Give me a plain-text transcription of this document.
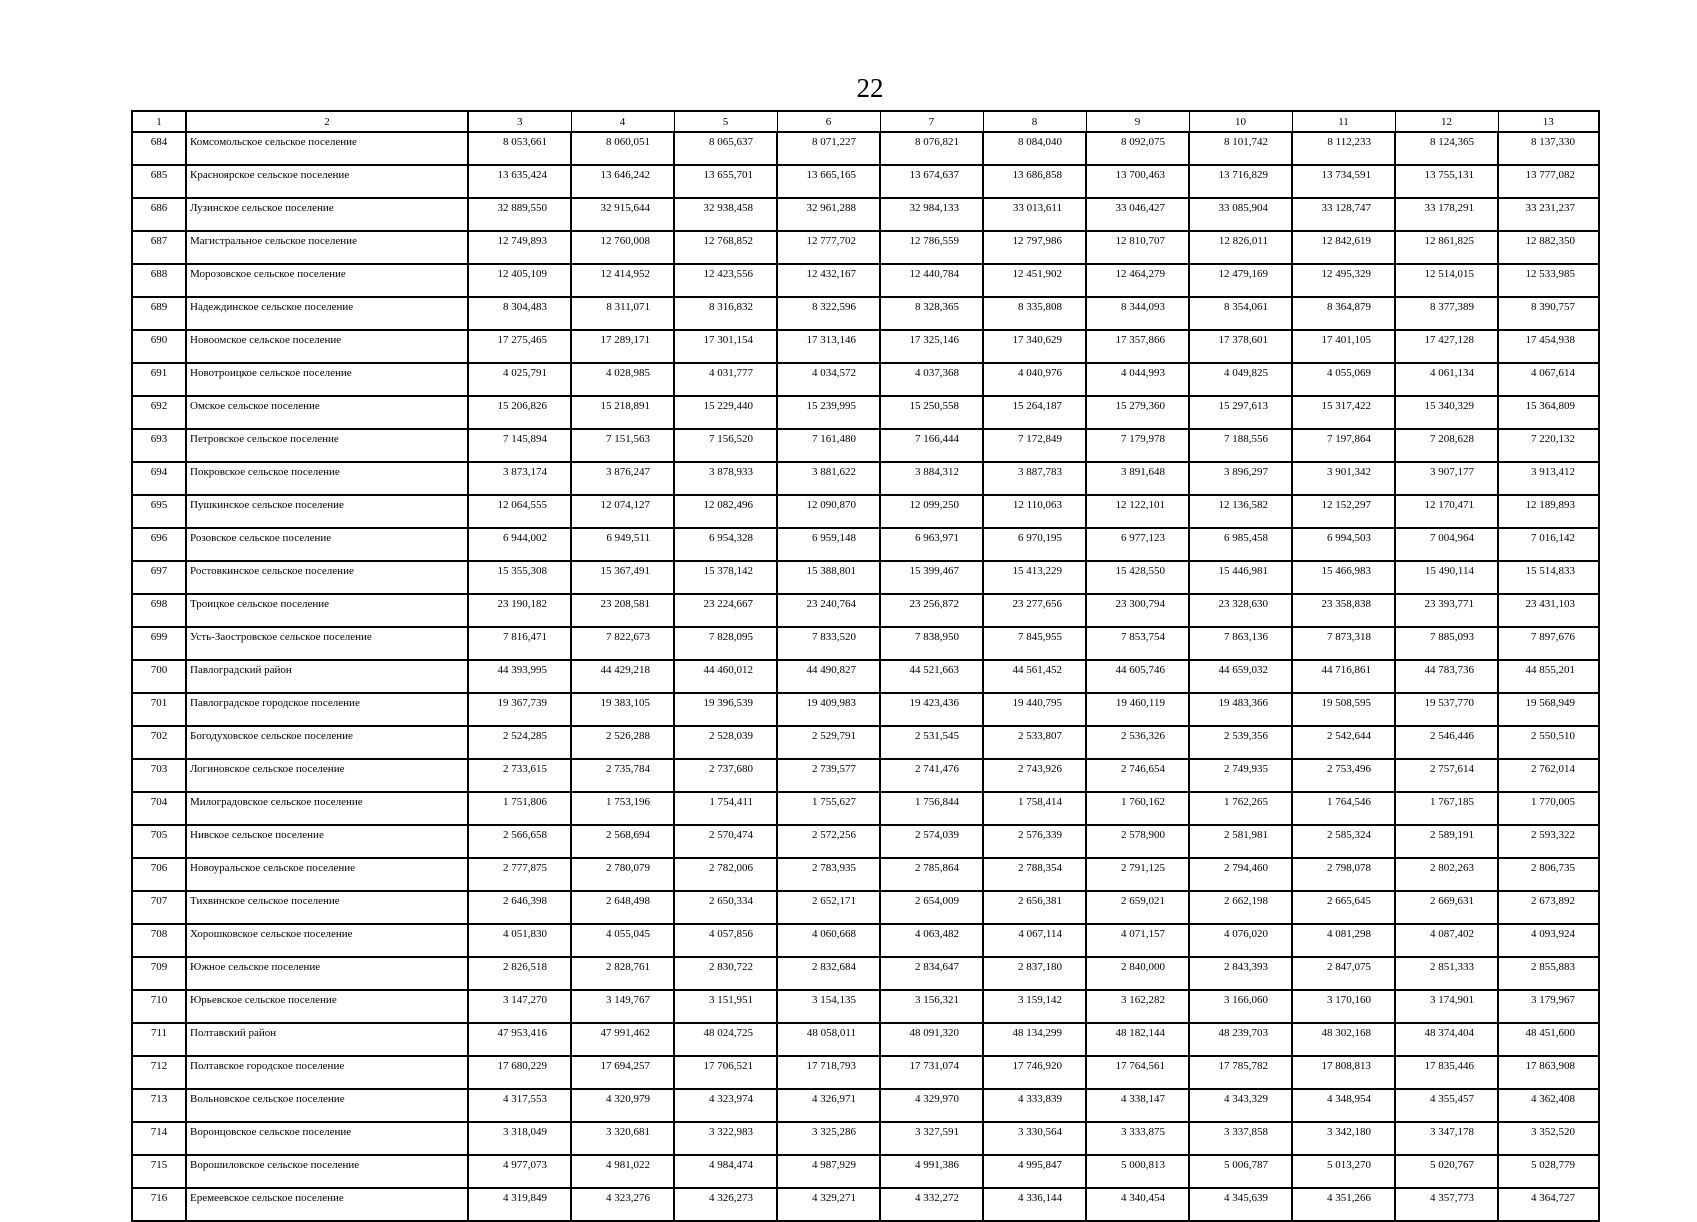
22
1	2	3	4	5	6	7	8	9	10	11	12	13
684	Комсомольское сельское поселение	8 053,661	8 060,051	8 065,637	8 071,227	8 076,821	8 084,040	8 092,075	8 101,742	8 112,233	8 124,365	8 137,330
685	Красноярское сельское поселение	13 635,424	13 646,242	13 655,701	13 665,165	13 674,637	13 686,858	13 700,463	13 716,829	13 734,591	13 755,131	13 777,082
686	Лузинское сельское поселение	32 889,550	32 915,644	32 938,458	32 961,288	32 984,133	33 013,611	33 046,427	33 085,904	33 128,747	33 178,291	33 231,237
687	Магистральное сельское поселение	12 749,893	12 760,008	12 768,852	12 777,702	12 786,559	12 797,986	12 810,707	12 826,011	12 842,619	12 861,825	12 882,350
688	Морозовское сельское поселение	12 405,109	12 414,952	12 423,556	12 432,167	12 440,784	12 451,902	12 464,279	12 479,169	12 495,329	12 514,015	12 533,985
689	Надеждинское сельское поселение	8 304,483	8 311,071	8 316,832	8 322,596	8 328,365	8 335,808	8 344,093	8 354,061	8 364,879	8 377,389	8 390,757
690	Новоомское сельское поселение	17 275,465	17 289,171	17 301,154	17 313,146	17 325,146	17 340,629	17 357,866	17 378,601	17 401,105	17 427,128	17 454,938
691	Новотроицкое сельское поселение	4 025,791	4 028,985	4 031,777	4 034,572	4 037,368	4 040,976	4 044,993	4 049,825	4 055,069	4 061,134	4 067,614
692	Омское сельское поселение	15 206,826	15 218,891	15 229,440	15 239,995	15 250,558	15 264,187	15 279,360	15 297,613	15 317,422	15 340,329	15 364,809
693	Петровское сельское поселение	7 145,894	7 151,563	7 156,520	7 161,480	7 166,444	7 172,849	7 179,978	7 188,556	7 197,864	7 208,628	7 220,132
694	Покровское сельское поселение	3 873,174	3 876,247	3 878,933	3 881,622	3 884,312	3 887,783	3 891,648	3 896,297	3 901,342	3 907,177	3 913,412
695	Пушкинское сельское поселение	12 064,555	12 074,127	12 082,496	12 090,870	12 099,250	12 110,063	12 122,101	12 136,582	12 152,297	12 170,471	12 189,893
696	Розовское сельское поселение	6 944,002	6 949,511	6 954,328	6 959,148	6 963,971	6 970,195	6 977,123	6 985,458	6 994,503	7 004,964	7 016,142
697	Ростовкинское сельское поселение	15 355,308	15 367,491	15 378,142	15 388,801	15 399,467	15 413,229	15 428,550	15 446,981	15 466,983	15 490,114	15 514,833
698	Троицкое сельское поселение	23 190,182	23 208,581	23 224,667	23 240,764	23 256,872	23 277,656	23 300,794	23 328,630	23 358,838	23 393,771	23 431,103
699	Усть-Заостровское сельское поселение	7 816,471	7 822,673	7 828,095	7 833,520	7 838,950	7 845,955	7 853,754	7 863,136	7 873,318	7 885,093	7 897,676
700	Павлоградский район	44 393,995	44 429,218	44 460,012	44 490,827	44 521,663	44 561,452	44 605,746	44 659,032	44 716,861	44 783,736	44 855,201
701	Павлоградское городское поселение	19 367,739	19 383,105	19 396,539	19 409,983	19 423,436	19 440,795	19 460,119	19 483,366	19 508,595	19 537,770	19 568,949
702	Богодуховское сельское поселение	2 524,285	2 526,288	2 528,039	2 529,791	2 531,545	2 533,807	2 536,326	2 539,356	2 542,644	2 546,446	2 550,510
703	Логиновское сельское поселение	2 733,615	2 735,784	2 737,680	2 739,577	2 741,476	2 743,926	2 746,654	2 749,935	2 753,496	2 757,614	2 762,014
704	Милоградовское сельское поселение	1 751,806	1 753,196	1 754,411	1 755,627	1 756,844	1 758,414	1 760,162	1 762,265	1 764,546	1 767,185	1 770,005
705	Нивское сельское поселение	2 566,658	2 568,694	2 570,474	2 572,256	2 574,039	2 576,339	2 578,900	2 581,981	2 585,324	2 589,191	2 593,322
706	Новоуральское сельское поселение	2 777,875	2 780,079	2 782,006	2 783,935	2 785,864	2 788,354	2 791,125	2 794,460	2 798,078	2 802,263	2 806,735
707	Тихвинское сельское поселение	2 646,398	2 648,498	2 650,334	2 652,171	2 654,009	2 656,381	2 659,021	2 662,198	2 665,645	2 669,631	2 673,892
708	Хорошковское сельское поселение	4 051,830	4 055,045	4 057,856	4 060,668	4 063,482	4 067,114	4 071,157	4 076,020	4 081,298	4 087,402	4 093,924
709	Южное сельское поселение	2 826,518	2 828,761	2 830,722	2 832,684	2 834,647	2 837,180	2 840,000	2 843,393	2 847,075	2 851,333	2 855,883
710	Юрьевское сельское поселение	3 147,270	3 149,767	3 151,951	3 154,135	3 156,321	3 159,142	3 162,282	3 166,060	3 170,160	3 174,901	3 179,967
711	Полтавский район	47 953,416	47 991,462	48 024,725	48 058,011	48 091,320	48 134,299	48 182,144	48 239,703	48 302,168	48 374,404	48 451,600
712	Полтавское городское поселение	17 680,229	17 694,257	17 706,521	17 718,793	17 731,074	17 746,920	17 764,561	17 785,782	17 808,813	17 835,446	17 863,908
713	Вольновское сельское поселение	4 317,553	4 320,979	4 323,974	4 326,971	4 329,970	4 333,839	4 338,147	4 343,329	4 348,954	4 355,457	4 362,408
714	Воронцовское сельское поселение	3 318,049	3 320,681	3 322,983	3 325,286	3 327,591	3 330,564	3 333,875	3 337,858	3 342,180	3 347,178	3 352,520
715	Ворошиловское сельское поселение	4 977,073	4 981,022	4 984,474	4 987,929	4 991,386	4 995,847	5 000,813	5 006,787	5 013,270	5 020,767	5 028,779
716	Еремеевское сельское поселение	4 319,849	4 323,276	4 326,273	4 329,271	4 332,272	4 336,144	4 340,454	4 345,639	4 351,266	4 357,773	4 364,727
